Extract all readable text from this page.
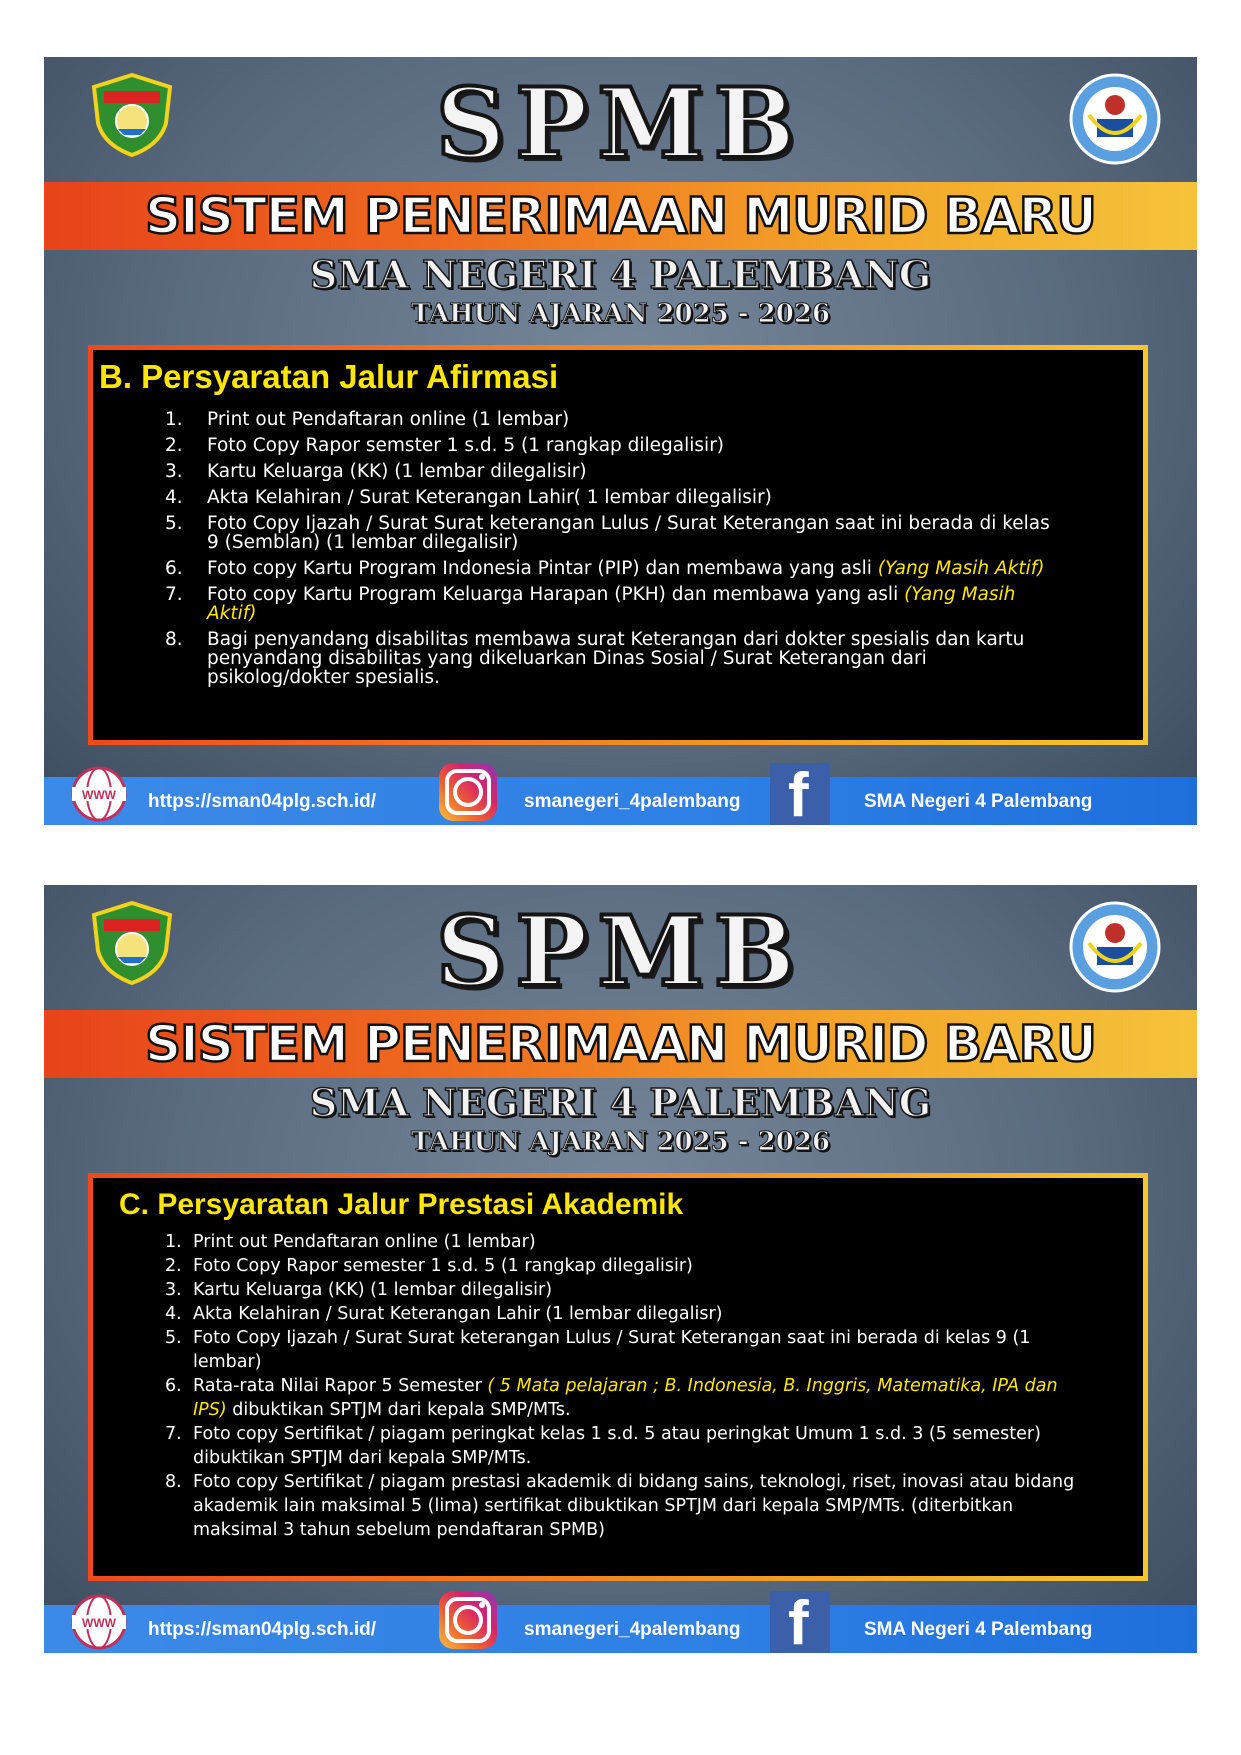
SPMB
SISTEM PENERIMAAN MURID BARU
SMA NEGERI 4 PALEMBANG
TAHUN AJARAN 2025 - 2026
B. Persyaratan Jalur Afirmasi
1.	Print out Pendaftaran online (1 lembar)
2.	Foto Copy Rapor semster 1 s.d. 5 (1 rangkap dilegalisir)
3.	Kartu Keluarga (KK) (1 lembar dilegalisir)
4.	Akta Kelahiran / Surat Keterangan Lahir( 1 lembar dilegalisir)
5.	Foto Copy Ijazah / Surat Surat keterangan Lulus / Surat Keterangan saat ini berada di kelas 9 (Semblan) (1 lembar dilegalisir)
6.	Foto copy Kartu Program Indonesia Pintar (PIP) dan membawa yang asli (Yang Masih Aktif)
7.	Foto copy Kartu Program Keluarga Harapan (PKH) dan membawa yang asli (Yang Masih Aktif)
8.	Bagi penyandang disabilitas membawa surat Keterangan dari dokter spesialis dan kartu penyandang disabilitas yang dikeluarkan Dinas Sosial / Surat Keterangan dari psikolog/dokter spesialis.
WWW https://sman04plg.sch.id/	smanegeri_4palembang f	SMA Negeri 4 Palembang
SPMB
SISTEM PENERIMAAN MURID BARU
SMA NEGERI 4 PALEMBANG
TAHUN AJARAN 2025 - 2026
C. Persyaratan Jalur Prestasi Akademik
1. Print out Pendaftaran online (1 lembar)
2. Foto Copy Rapor semester 1 s.d. 5 (1 rangkap dilegalisir)
3. Kartu Keluarga (KK) (1 lembar dilegalisir)
4. Akta Kelahiran / Surat Keterangan Lahir (1 lembar dilegalisr)
5. Foto Copy Ijazah / Surat Surat keterangan Lulus / Surat Keterangan saat ini berada di kelas 9 (1 lembar)
6. Rata-rata Nilai Rapor 5 Semester ( 5 Mata pelajaran ; B. Indonesia, B. Inggris, Matematika, IPA dan IPS) dibuktikan SPTJM dari kepala SMP/MTs.
7. Foto copy Sertifikat / piagam peringkat kelas 1 s.d. 5 atau peringkat Umum 1 s.d. 3 (5 semester) dibuktikan SPTJM dari kepala SMP/MTs.
8. Foto copy Sertifikat / piagam prestasi akademik di bidang sains, teknologi, riset, inovasi atau bidang akademik lain maksimal 5 (lima) sertifikat dibuktikan SPTJM dari kepala SMP/MTs. (diterbitkan maksimal 3 tahun sebelum pendaftaran SPMB)
WWW https://sman04plg.sch.id/	smanegeri_4palembang f	SMA Negeri 4 Palembang
